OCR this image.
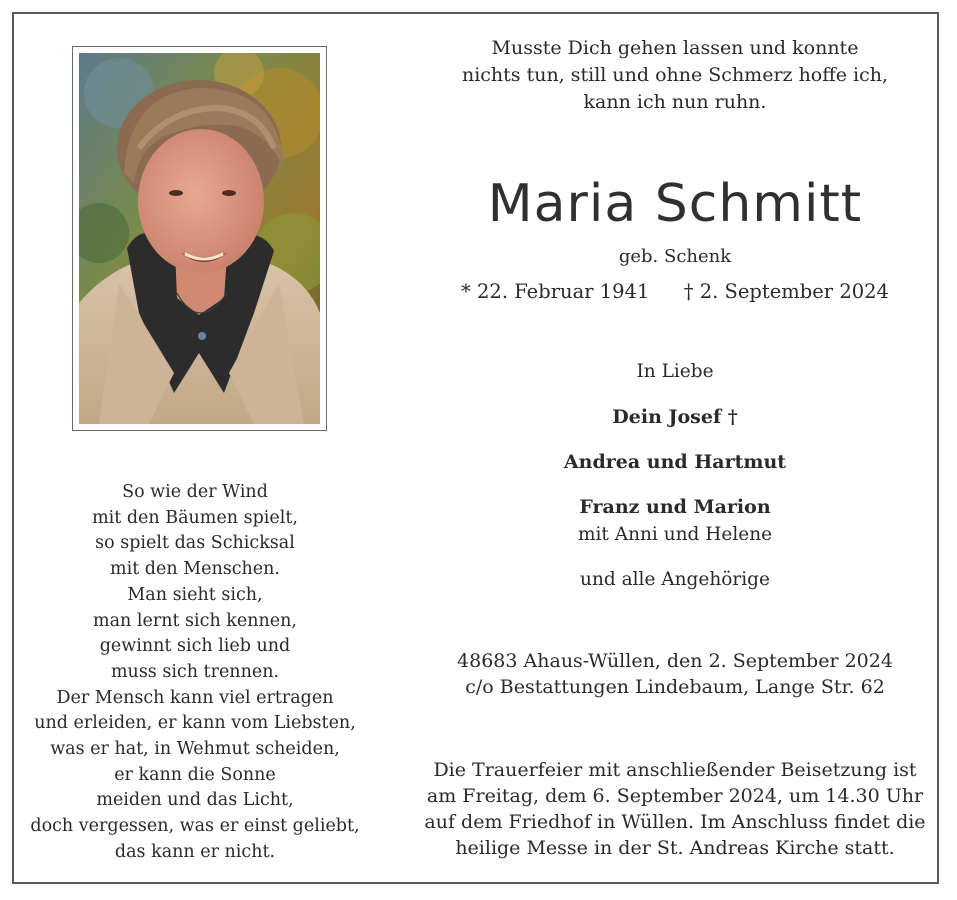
So wie der Wind
mit den Bäumen spielt,
so spielt das Schicksal
mit den Menschen.
Man sieht sich,
man lernt sich kennen,
gewinnt sich lieb und
muss sich trennen.
Der Mensch kann viel ertragen
und erleiden, er kann vom Liebsten,
was er hat, in Wehmut scheiden,
er kann die Sonne
meiden und das Licht,
doch vergessen, was er einst geliebt,
das kann er nicht.
Musste Dich gehen lassen und konnte
nichts tun, still und ohne Schmerz hoffe ich,
kann ich nun ruhn.
Maria Schmitt
geb. Schenk
* 22. Februar 1941 † 2. September 2024
In Liebe
Dein Josef †
Andrea und Hartmut
Franz und Marion
mit Anni und Helene
und alle Angehörige
48683 Ahaus-Wüllen, den 2. September 2024
c/o Bestattungen Lindebaum, Lange Str. 62
Die Trauerfeier mit anschließender Beisetzung ist
am Freitag, dem 6. September 2024, um 14.30 Uhr
auf dem Friedhof in Wüllen. Im Anschluss findet die
heilige Messe in der St. Andreas Kirche statt.
